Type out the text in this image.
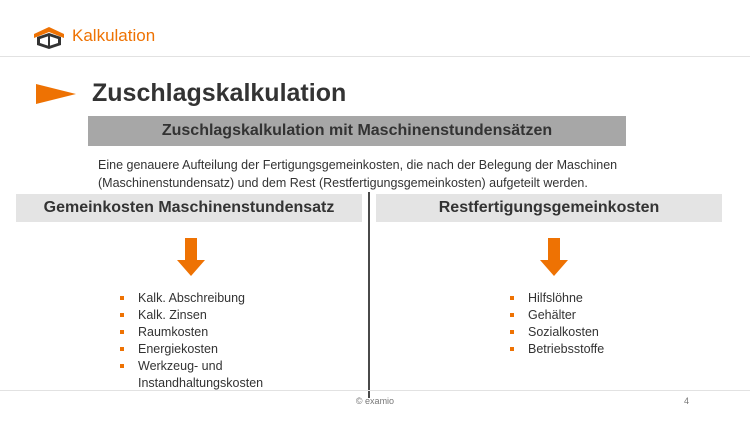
Kalkulation
Zuschlagskalkulation
Zuschlagskalkulation mit Maschinenstundensätzen
Eine genauere Aufteilung der Fertigungsgemeinkosten, die nach der Belegung der Maschinen
(Maschinenstundensatz) und dem Rest (Restfertigungsgemeinkosten) aufgeteilt werden.
Gemeinkosten Maschinenstundensatz	Restfertigungsgemeinkosten
Kalk. Abschreibung
Kalk. Zinsen
Raumkosten
Energiekosten
Werkzeug- und Instandhaltungskosten
Hilfslöhne
Gehälter
Sozialkosten
Betriebsstoffe
© examio	4
